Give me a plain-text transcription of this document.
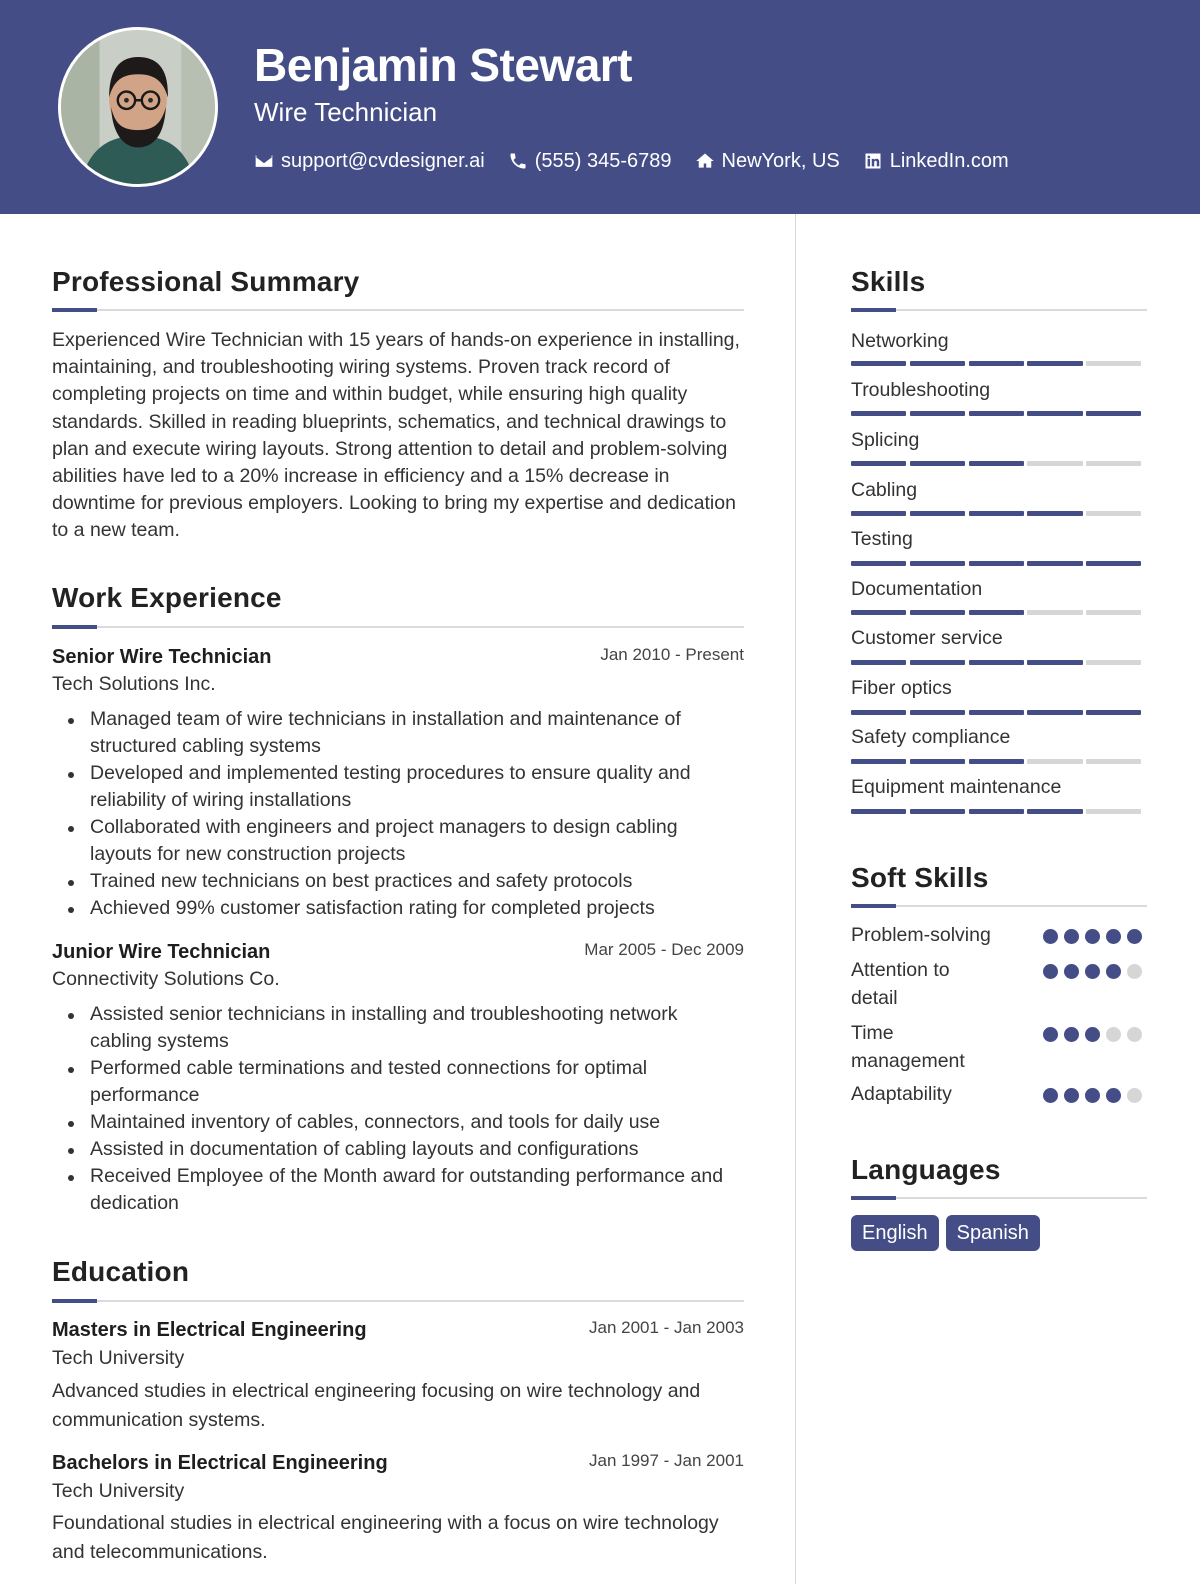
Benjamin Stewart
Wire Technician
support@cvdesigner.ai	(555) 345-6789	NewYork, US	LinkedIn.com
Professional Summary
Experienced Wire Technician with 15 years of hands-on experience in installing, maintaining, and troubleshooting wiring systems. Proven track record of completing projects on time and within budget, while ensuring high quality standards. Skilled in reading blueprints, schematics, and technical drawings to plan and execute wiring layouts. Strong attention to detail and problem-solving abilities have led to a 20% increase in efficiency and a 15% decrease in downtime for previous employers. Looking to bring my expertise and dedication to a new team.
Work Experience
Senior Wire Technician	Jan 2010 - Present
Tech Solutions Inc.
Managed team of wire technicians in installation and maintenance of structured cabling systems
Developed and implemented testing procedures to ensure quality and reliability of wiring installations
Collaborated with engineers and project managers to design cabling layouts for new construction projects
Trained new technicians on best practices and safety protocols
Achieved 99% customer satisfaction rating for completed projects
Junior Wire Technician	Mar 2005 - Dec 2009
Connectivity Solutions Co.
Assisted senior technicians in installing and troubleshooting network cabling systems
Performed cable terminations and tested connections for optimal performance
Maintained inventory of cables, connectors, and tools for daily use
Assisted in documentation of cabling layouts and configurations
Received Employee of the Month award for outstanding performance and dedication
Education
Masters in Electrical Engineering	Jan 2001 - Jan 2003
Tech University
Advanced studies in electrical engineering focusing on wire technology and communication systems.
Bachelors in Electrical Engineering	Jan 1997 - Jan 2001
Tech University
Foundational studies in electrical engineering with a focus on wire technology and telecommunications.
Skills
Networking
Troubleshooting
Splicing
Cabling
Testing
Documentation
Customer service
Fiber optics
Safety compliance
Equipment maintenance
Soft Skills
Problem-solving
Attention to detail
Time management
Adaptability
Languages
English	Spanish
